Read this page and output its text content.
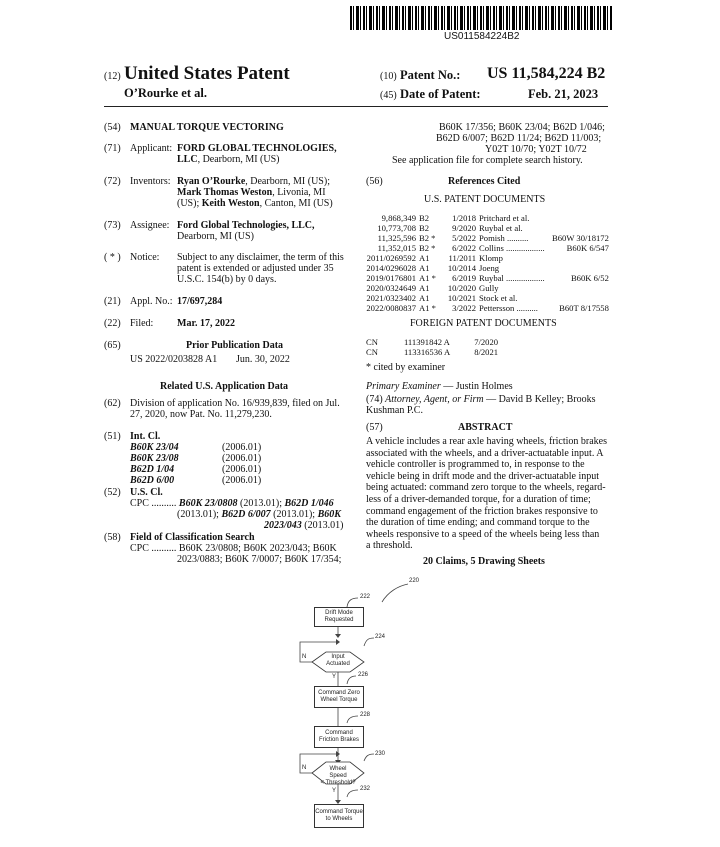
US011584224B2
(12) United States Patent
O’Rourke et al.
(10) Patent No.: US 11,584,224 B2
(45) Date of Patent:	Feb. 21, 2023
(54) MANUAL TORQUE VECTORING
(71) Applicant: FORD GLOBAL TECHNOLOGIES,
LLC, Dearborn, MI (US)
(72) Inventors: Ryan O’Rourke, Dearborn, MI (US);
Mark Thomas Weston, Livonia, MI
(US); Keith Weston, Canton, MI (US)
(73) Assignee: Ford Global Technologies, LLC,
Dearborn, MI (US)
( * ) Notice: Subject to any disclaimer, the term of this
patent is extended or adjusted under 35
U.S.C. 154(b) by 0 days.
(21) Appl. No.: 17/697,284
(22) Filed: Mar. 17, 2022
(65)	Prior Publication Data
US 2022/0203828 A1 Jun. 30, 2022
Related U.S. Application Data
(62) Division of application No. 16/939,839, filed on Jul.
27, 2020, now Pat. No. 11,279,230.
(51) Int. Cl.
B60K 23/04	(2006.01)
B60K 23/08	(2006.01)
B62D 1/04	(2006.01)
B62D 6/00	(2006.01)
(52) U.S. Cl.
CPC .......... B60K 23/0808 (2013.01); B62D 1/046
(2013.01); B62D 6/007 (2013.01); B60K
2023/043 (2013.01)
(58) Field of Classification Search
CPC .......... B60K 23/0808; B60K 2023/043; B60K
2023/0883; B60K 7/0007; B60K 17/354;
B60K 17/356; B60K 23/04; B62D 1/046;
B62D 6/007; B62D 11/24; B62D 11/003;
Y02T 10/70; Y02T 10/72
See application file for complete search history.
(56)	References Cited
U.S. PATENT DOCUMENTS
9,868,349	B2	1/2018	Pritchard et al.	
10,773,708	B2	9/2020	Ruybal et al.	
11,325,596	B2 *	5/2022	Pomish ..........	B60W 30/18172
11,352,015	B2 *	6/2022	Collins ..................	B60K 6/547
2011/0269592	A1	11/2011	Klomp	
2014/0296028	A1	10/2014	Joeng	
2019/0176801	A1 *	6/2019	Ruybal ..................	B60K 6/52
2020/0324649	A1	10/2020	Gully	
2021/0323402	A1	10/2021	Stock et al.	
2022/0080837	A1 *	3/2022	Pettersson ..........	B60T 8/17558
FOREIGN PATENT DOCUMENTS
CN	111391842 A	7/2020
CN	113316536 A	8/2021
* cited by examiner
Primary Examiner — Justin Holmes
(74) Attorney, Agent, or Firm — David B Kelley; Brooks
Kushman P.C.
(57)	ABSTRACT
A vehicle includes a rear axle having wheels, friction brakes
associated with the wheels, and a driver-actuatable input. A
vehicle controller is programmed to, in response to the
vehicle being in drift mode and the driver-actuatable input
being actuated: command zero torque to the wheels, regard-
less of a driver-demanded torque, for a duration of time;
command engagement of the friction brakes responsive to
the duration of time ending; and command torque to the
wheels responsive to a speed of the wheels being less than
a threshold.
20 Claims, 5 Drawing Sheets
220
Drift Mode
Requested
222
Input
Actuated
224
N
Y
Command Zero
Wheel Torque
226
Command
Friction Brakes
228
Wheel Speed
< Threshold?
230
N
Y
Command Torque
to Wheels
232
